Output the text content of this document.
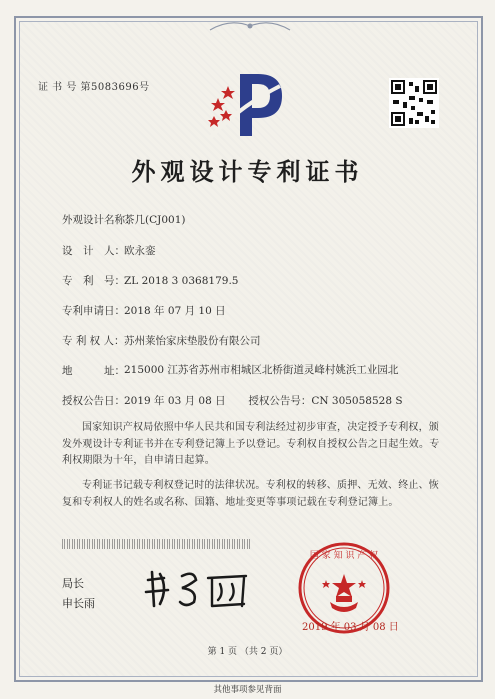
证 书 号 第5083696号
外观设计专利证书
外观设计名称：茶几(CJ001)
设　计　人：欧永銮
专　利　号：ZL 2018 3 0368179.5
专利申请日：2018 年 07 月 10 日
专 利 权 人：苏州莱怡家床垫股份有限公司
地　　　址：215000 江苏省苏州市相城区北桥街道灵峰村姚浜工业园北
授权公告日：2019 年 03 月 08 日 授权公告号：CN 305058528 S
国家知识产权局依照中华人民共和国专利法经过初步审查，决定授予专利权，颁发外观设计专利证书并在专利登记簿上予以登记。专利权自授权公告之日起生效。专利权期限为十年，自申请日起算。
专利证书记载专利权登记时的法律状况。专利权的转移、质押、无效、终止、恢复和专利权人的姓名或名称、国籍、地址变更等事项记载在专利登记簿上。
局长
申长雨
国 家 知 识 产 权
2019 年 03 月 08 日
第 1 页 （共 2 页）
其他事项参见背面
